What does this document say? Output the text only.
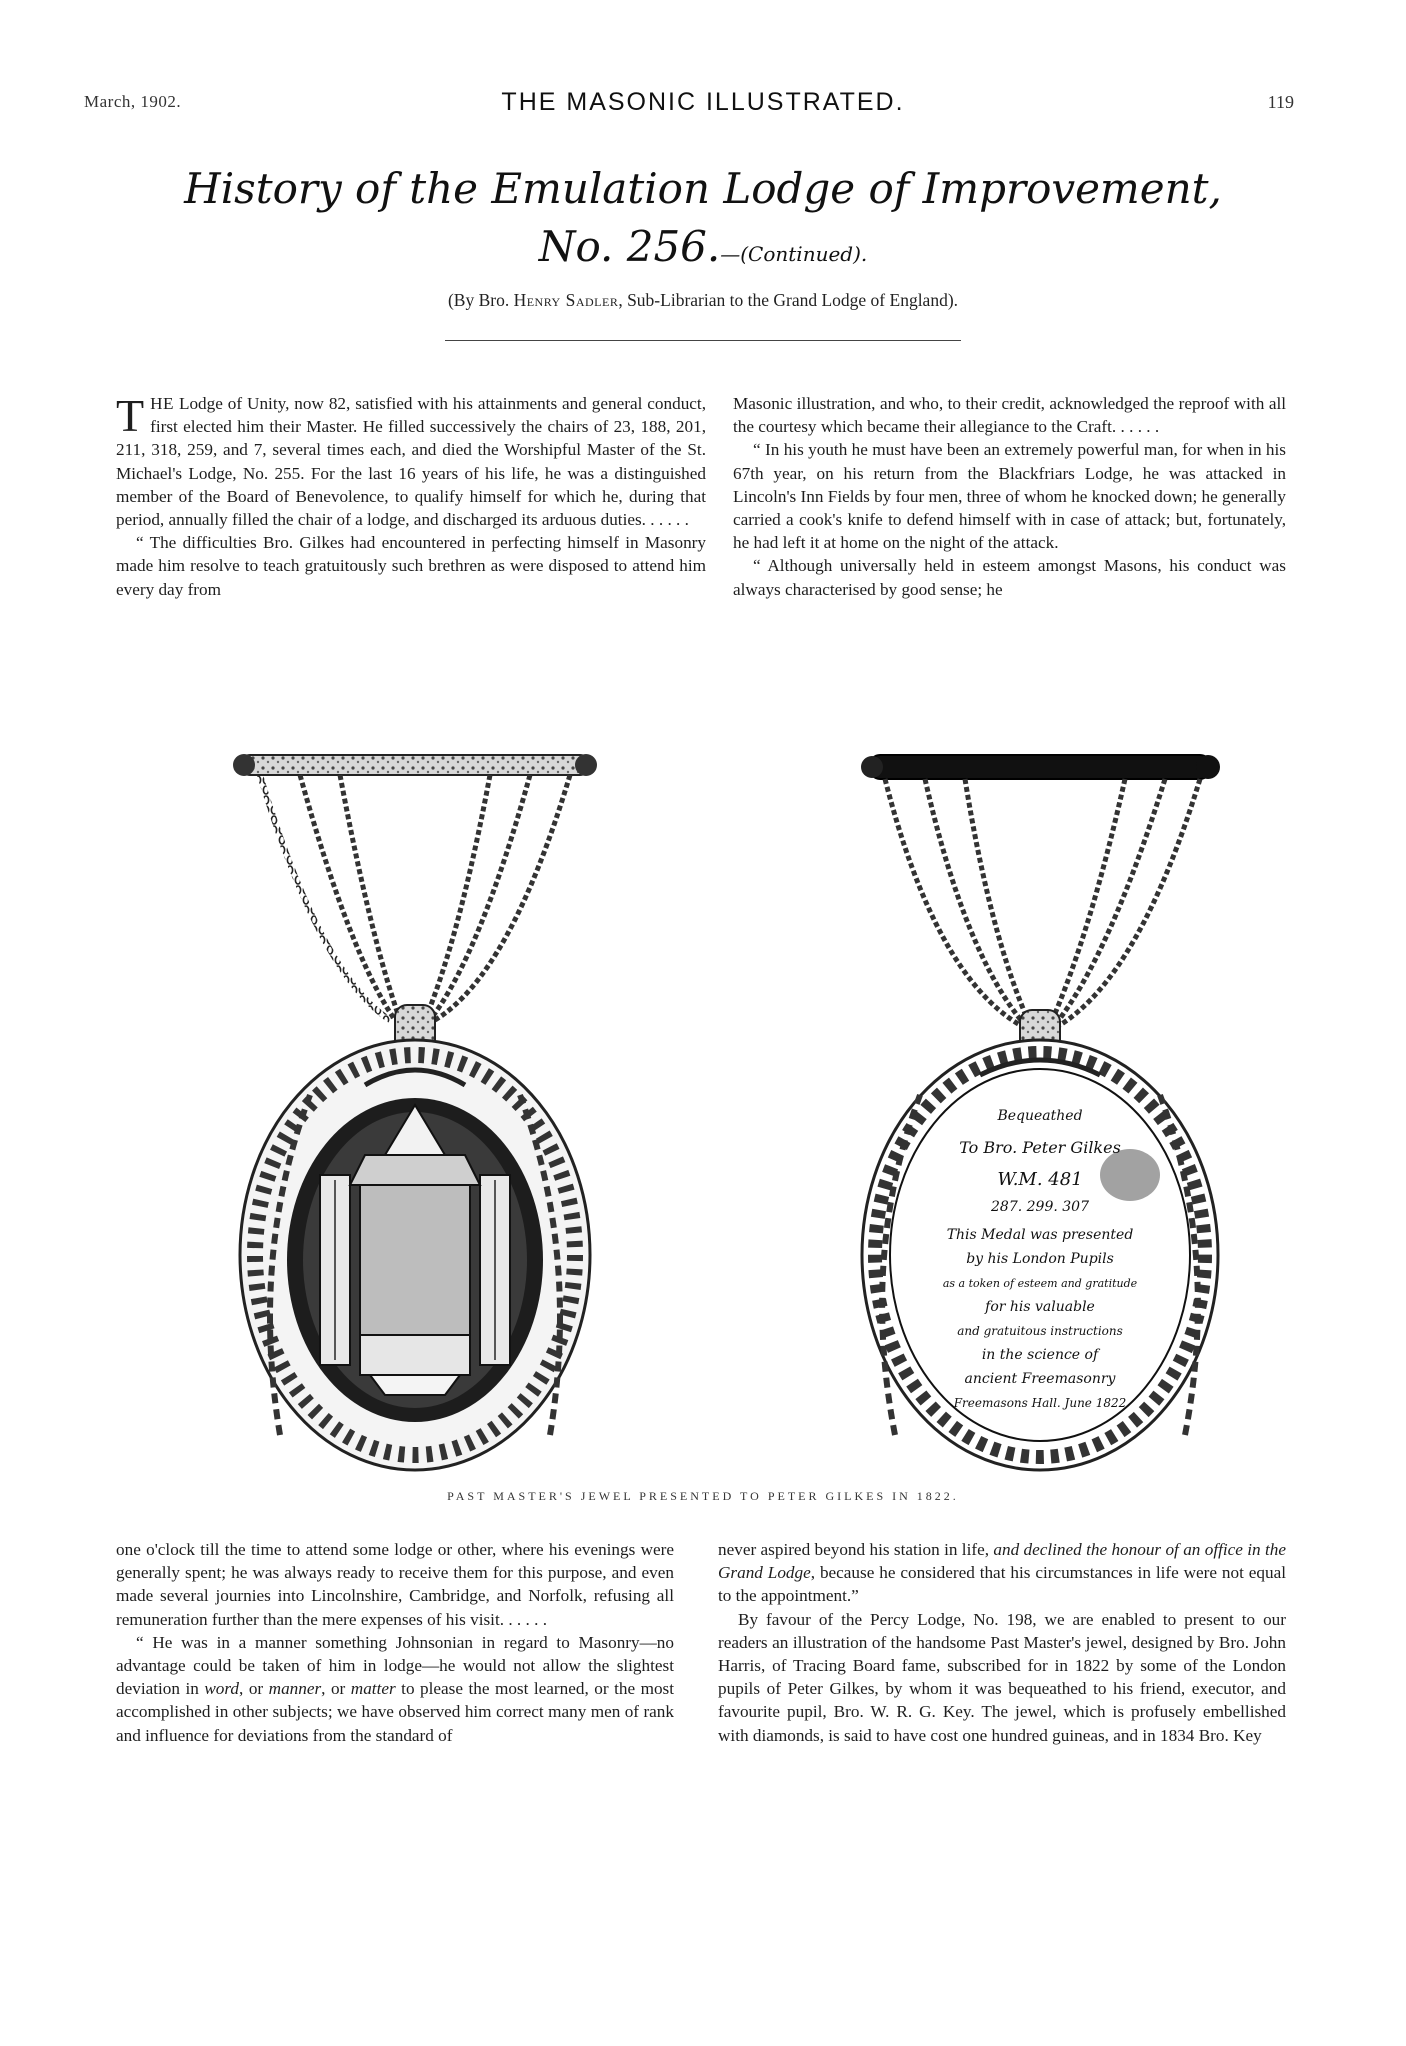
March, 1902.	THE MASONIC ILLUSTRATED.	119
History of the Emulation Lodge of Improvement,
No. 256.—(Continued).
(By Bro. Henry Sadler, Sub-Librarian to the Grand Lodge of England).

THE Lodge of Unity, now 82, satisfied with his attainments and general conduct, first elected him their Master. He filled successively the chairs of 23, 188, 201, 211, 318, 259, and 7, several times each, and died the Worshipful Master of the St. Michael's Lodge, No. 255. For the last 16 years of his life, he was a distinguished member of the Board of Benevolence, to qualify himself for which he, during that period, annually filled the chair of a lodge, and discharged its arduous duties. . . . . .

“ The difficulties Bro. Gilkes had encountered in perfecting himself in Masonry made him resolve to teach gratuitously such brethren as were disposed to attend him every day from

Masonic illustration, and who, to their credit, acknowledged the reproof with all the courtesy which became their allegiance to the Craft. . . . . .

“ In his youth he must have been an extremely powerful man, for when in his 67th year, on his return from the Blackfriars Lodge, he was attacked in Lincoln's Inn Fields by four men, three of whom he knocked down; he generally carried a cook's knife to defend himself with in case of attack; but, fortunately, he had left it at home on the night of the attack.

“ Although universally held in esteem amongst Masons, his conduct was always characterised by good sense; he

Bequeathed
To Bro. Peter Gilkes
W.M. 481
287. 299. 307
This Medal was presented
by his London Pupils
as a token of esteem and gratitude
for his valuable
and gratuitous instructions
in the science of
ancient Freemasonry
Freemasons Hall. June 1822
PAST MASTER'S JEWEL PRESENTED TO PETER GILKES IN 1822.

one o'clock till the time to attend some lodge or other, where his evenings were generally spent; he was always ready to receive them for this purpose, and even made several journies into Lincolnshire, Cambridge, and Norfolk, refusing all remuneration further than the mere expenses of his visit. . . . . .

“ He was in a manner something Johnsonian in regard to Masonry—no advantage could be taken of him in lodge—he would not allow the slightest deviation in word, or manner, or matter to please the most learned, or the most accomplished in other subjects; we have observed him correct many men of rank and influence for deviations from the standard of

never aspired beyond his station in life, and declined the honour of an office in the Grand Lodge, because he considered that his circumstances in life were not equal to the appointment.”

By favour of the Percy Lodge, No. 198, we are enabled to present to our readers an illustration of the handsome Past Master's jewel, designed by Bro. John Harris, of Tracing Board fame, subscribed for in 1822 by some of the London pupils of Peter Gilkes, by whom it was bequeathed to his friend, executor, and favourite pupil, Bro. W. R. G. Key. The jewel, which is profusely embellished with diamonds, is said to have cost one hundred guineas, and in 1834 Bro. Key
